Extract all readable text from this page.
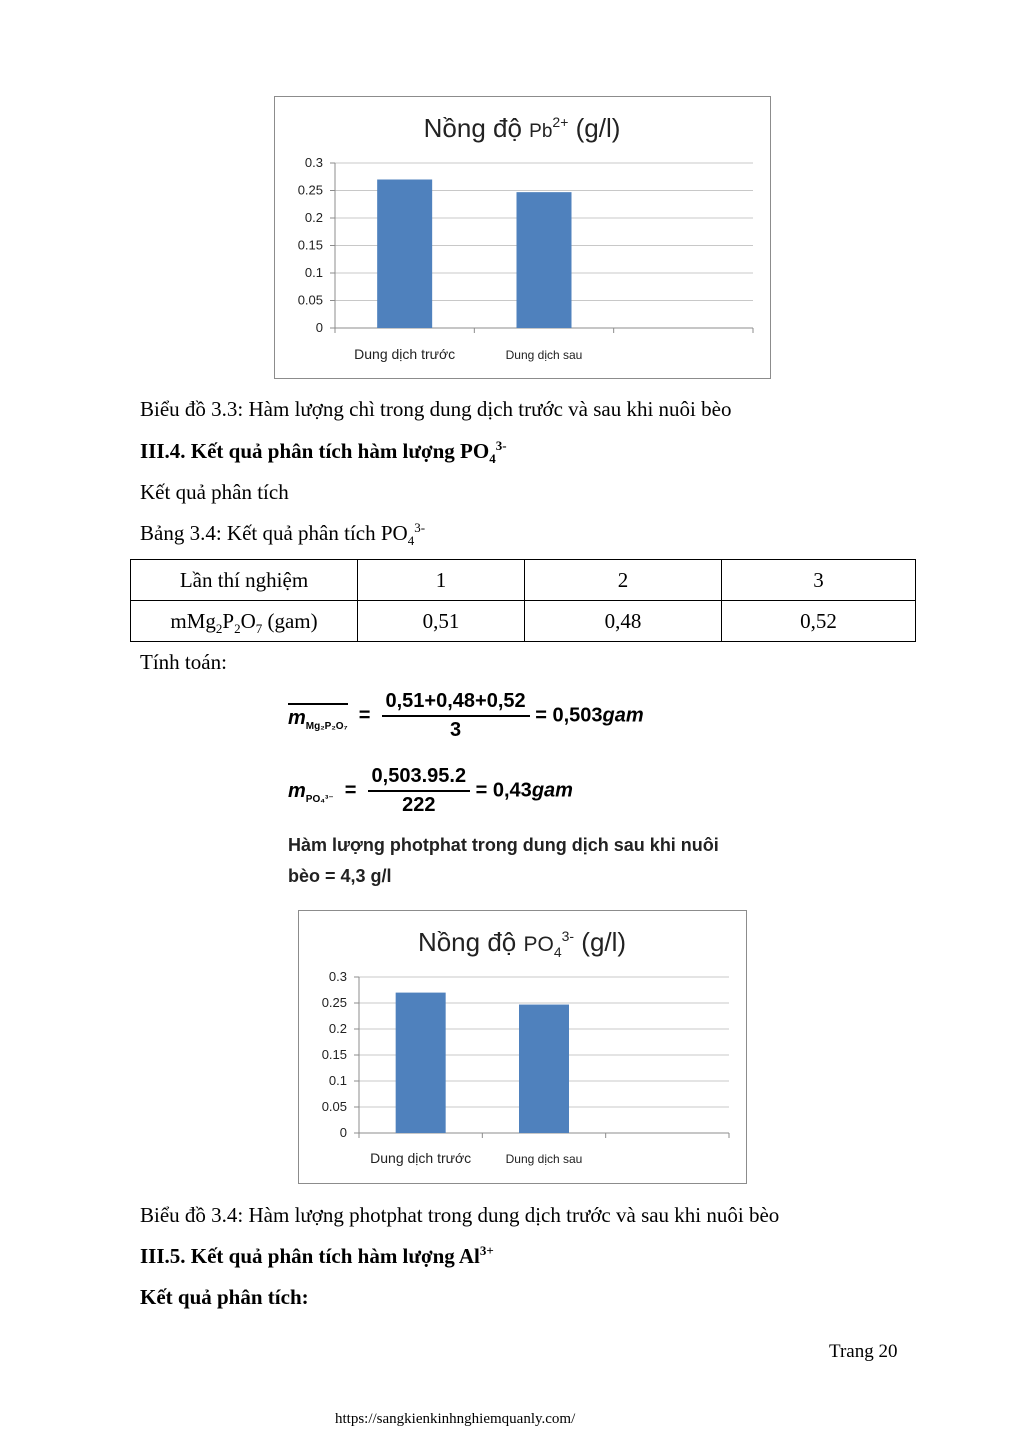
Nồng độ $Pb^{2+}$ (g/l)
0
0.05
0.1
0.15
0.2
0.25
0.3
Dung dịch trước	Dung dịch sau
Biểu đồ 3.3: Hàm lượng chì trong dung dịch trước và sau khi nuôi bèo
III.4. Kết quả phân tích hàm lượng $PO_4^{3-}$
Kết quả phân tích
Bảng 3.4: Kết quả phân tích $PO_4^{3-}$
Lần thí nghiệm	1	2	3
$mMg_2P_2O_7$ (gam)	0,51	0,48	0,52
Tính toán:
$m_{Mg_2P_2O_7} = \frac{0,51+0,48+0,52}{3} = 0,503gam$
$m_{PO_4^{3-}} = \frac{0,503.95.2}{222} = 0,43gam$
Hàm lượng photphat trong dung dịch sau khi nuôi
bèo = 4,3 g/l
Nồng độ $PO_4^{3-}$ (g/l)
0
0.05
0.1
0.15
0.2
0.25
0.3
Dung dịch trước	Dung dịch sau
Biểu đồ 3.4: Hàm lượng photphat trong dung dịch trước và sau khi nuôi bèo
III.5. Kết quả phân tích hàm lượng $Al^{3+}$
Kết quả phân tích:
Trang 20
https://sangkienkinhnghiemquanly.com/
